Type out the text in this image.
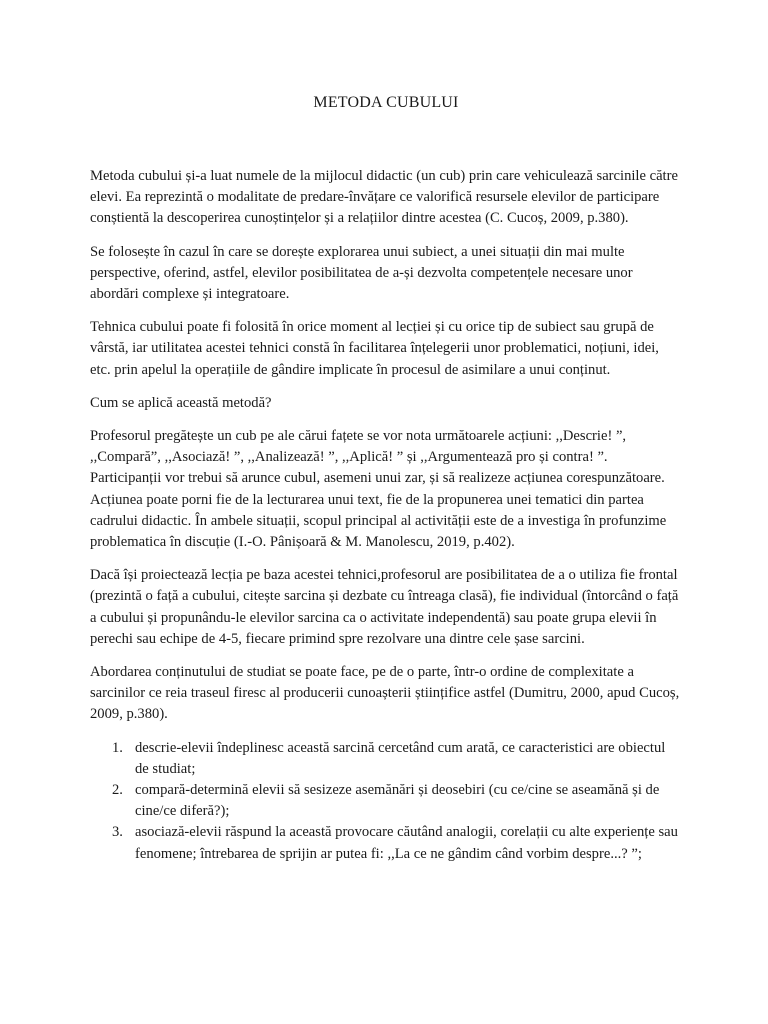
METODA CUBULUI

Metoda cubului și-a luat numele de la mijlocul didactic (un cub) prin care vehiculează sarcinile către elevi. Ea reprezintă o modalitate de predare-învățare ce valorifică resursele elevilor de participare conștientă la descoperirea cunoștințelor și a relațiilor dintre acestea (C. Cucoș, 2009, p.380).

Se folosește în cazul în care se dorește explorarea unui subiect, a unei situații din mai multe perspective, oferind, astfel, elevilor posibilitatea de a-și dezvolta competențele necesare unor abordări complexe și integratoare.

Tehnica cubului poate fi folosită în orice moment al lecției și cu orice tip de subiect sau grupă de vârstă, iar utilitatea acestei tehnici constă în facilitarea înțelegerii unor problematici, noțiuni, idei, etc. prin apelul la operațiile de gândire implicate în procesul de asimilare a unui conținut.

Cum se aplică această metodă?

Profesorul pregătește un cub pe ale cărui fațete se vor nota următoarele acțiuni: ,,Descrie! ”, ,,Compară”, ,,Asociază! ”, ,,Analizează! ”, ,,Aplică! ” și ,,Argumentează pro și contra! ”. Participanții vor trebui să arunce cubul, asemeni unui zar, și să realizeze acțiunea corespunzătoare. Acțiunea poate porni fie de la lecturarea unui text, fie de la propunerea unei tematici din partea cadrului didactic. În ambele situații, scopul principal al activității este de a investiga în profunzime problematica în discuție (I.-O. Pânișoară & M. Manolescu, 2019, p.402).

Dacă își proiectează lecția pe baza acestei tehnici,profesorul are posibilitatea de a o utiliza fie frontal (prezintă o față a cubului, citește sarcina și dezbate cu întreaga clasă), fie individual (întorcând o față a cubului și propunându-le elevilor sarcina ca o activitate independentă) sau poate grupa elevii în perechi sau echipe de 4-5, fiecare primind spre rezolvare una dintre cele șase sarcini.

Abordarea conținutului de studiat se poate face, pe de o parte, într-o ordine de complexitate a sarcinilor ce reia traseul firesc al producerii cunoașterii științifice astfel (Dumitru, 2000, apud Cucoș, 2009, p.380).

1. descrie-elevii îndeplinesc această sarcină cercetând cum arată, ce caracteristici are obiectul de studiat;
2. compară-determină elevii să sesizeze asemănări și deosebiri (cu ce/cine se aseamănă și de cine/ce diferă?);
3. asociază-elevii răspund la această provocare căutând analogii, corelații cu alte experiențe sau fenomene; întrebarea de sprijin ar putea fi: ,,La ce ne gândim când vorbim despre...? ”;
